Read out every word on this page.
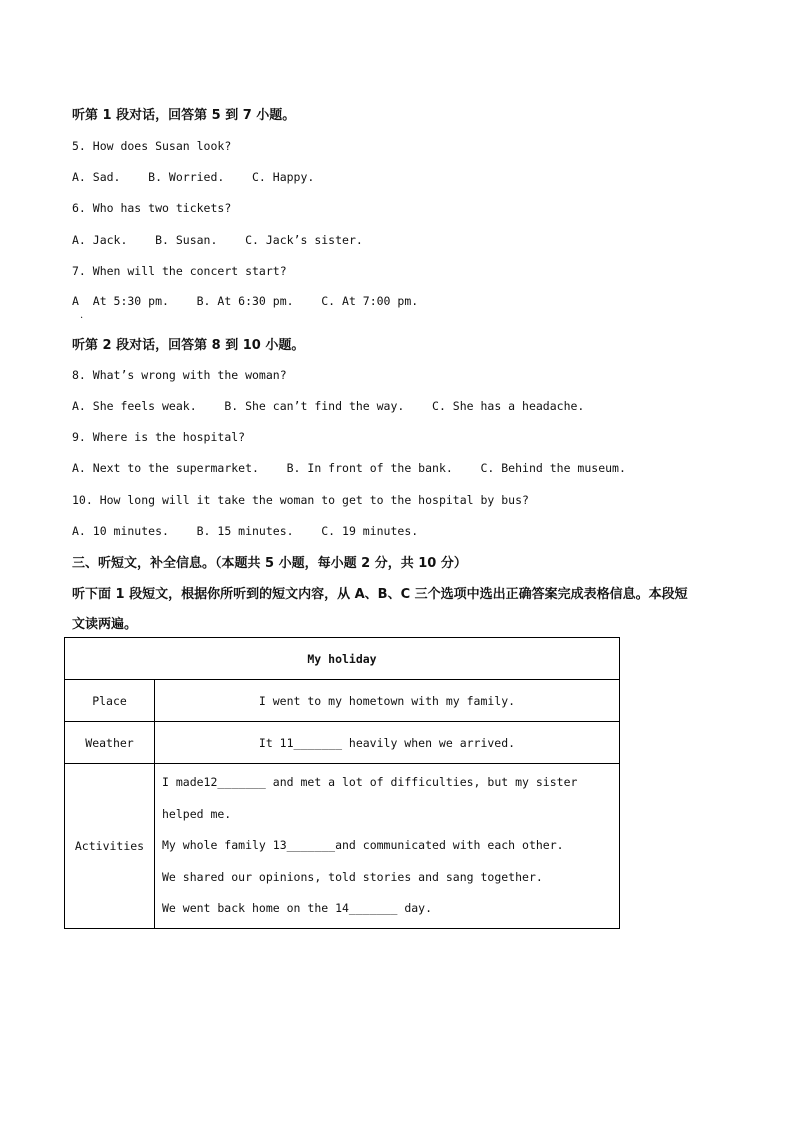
听第 1 段对话，回答第 5 到 7 小题。
5. How does Susan look?
A. Sad.    B. Worried.    C. Happy.
6. Who has two tickets?
A. Jack.    B. Susan.    C. Jack’s sister.
7. When will the concert start?
A  At 5:30 pm.    B. At 6:30 pm.    C. At 7:00 pm.
.
听第 2 段对话，回答第 8 到 10 小题。
8. What’s wrong with the woman?
A. She feels weak.    B. She can’t find the way.    C. She has a headache.
9. Where is the hospital?
A. Next to the supermarket.    B. In front of the bank.    C. Behind the museum.
10. How long will it take the woman to get to the hospital by bus?
A. 10 minutes.    B. 15 minutes.    C. 19 minutes.
三、听短文，补全信息。（本题共 5 小题，每小题 2 分，共 10 分）
听下面 1 段短文，根据你所听到的短文内容，从 A、B、C 三个选项中选出正确答案完成表格信息。本段短
文读两遍。
My holiday	
Place	I went to my hometown with my family.
Weather	It 11_______ heavily when we arrived.
Activities	I made12_______ and met a lot of difficulties, but my sister
helped me.
My whole family 13_______and communicated with each other.
We shared our opinions, told stories and sang together.
We went back home on the 14_______ day.
